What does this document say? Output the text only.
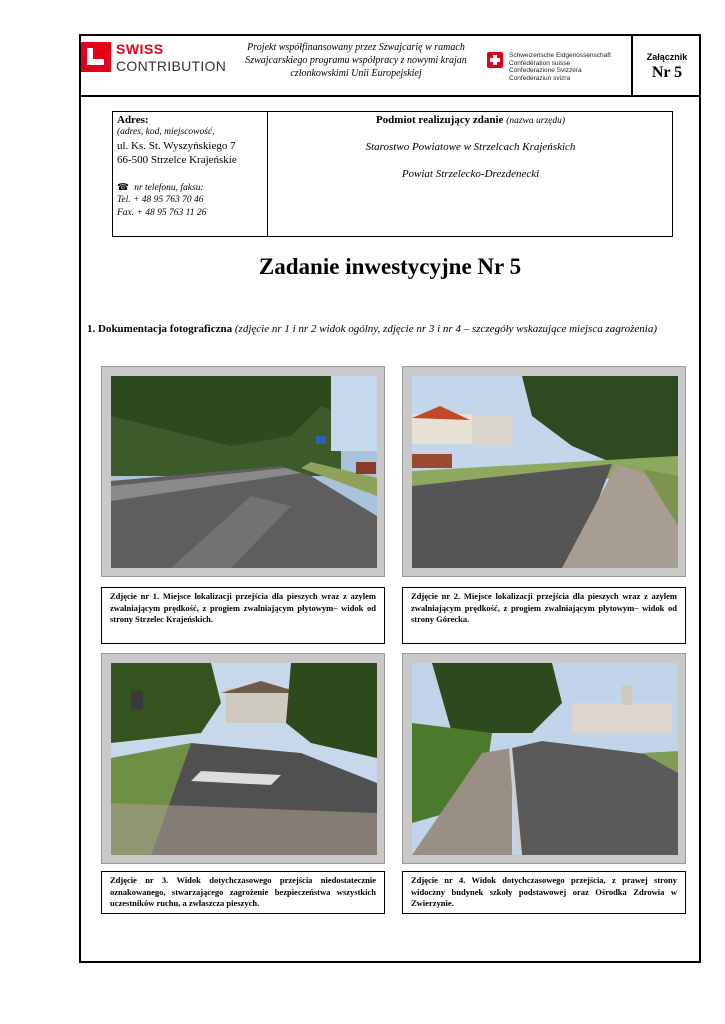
SWISS
CONTRIBUTION
Projekt współfinansowany przez Szwajcarię w ramach
Szwajcarskiego programu współpracy z nowymi krajan
członkowskimi Unii Europejskiej
Schweizerische Eidgenossenschaft
Confédération suisse
Confederazione Svizzera
Confederaziun svizra
Załącznik
Nr 5
Adres:
(adres, kod, miejscowość,
ul. Ks. St. Wyszyńskiego 7
66-500 Strzelce Krajeńskie
☎ nr telefonu, faksu:
Tel. + 48 95 763 70 46
Fax. + 48 95 763 11 26
Podmiot realizujący zdanie (nazwa urzędu)
Starostwo Powiatowe w Strzelcach Krajeńskich
Powiat Strzelecko-Drezdenecki
Zadanie inwestycyjne Nr 5
1. Dokumentacja fotograficzna (zdjęcie nr 1 i nr 2 widok ogólny, zdjęcie nr 3 i nr 4 – szczegóły wskazujące miejsca zagrożenia)
Zdjęcie nr 1. Miejsce lokalizacji przejścia dla pieszych wraz z azylem zwalniającym prędkość, z progiem zwalniającym płytowym– widok od strony Strzelec Krajeńskich.
Zdjęcie nr 2. Miejsce lokalizacji przejścia dla pieszych wraz z azylem zwalniającym prędkość, z progiem zwalniającym płytowym– widok od strony Górecka.
Zdjęcie nr 3. Widok dotychczasowego przejścia niedostatecznie oznakowanego, stwarzającego zagrożenie bezpieczeństwa wszystkich uczestników ruchu, a zwłaszcza pieszych.
Zdjęcie nr 4. Widok dotychczasowego przejścia, z prawej strony widoczny budynek szkoły podstawowej oraz Ośrodka Zdrowia w Zwierzynie.
